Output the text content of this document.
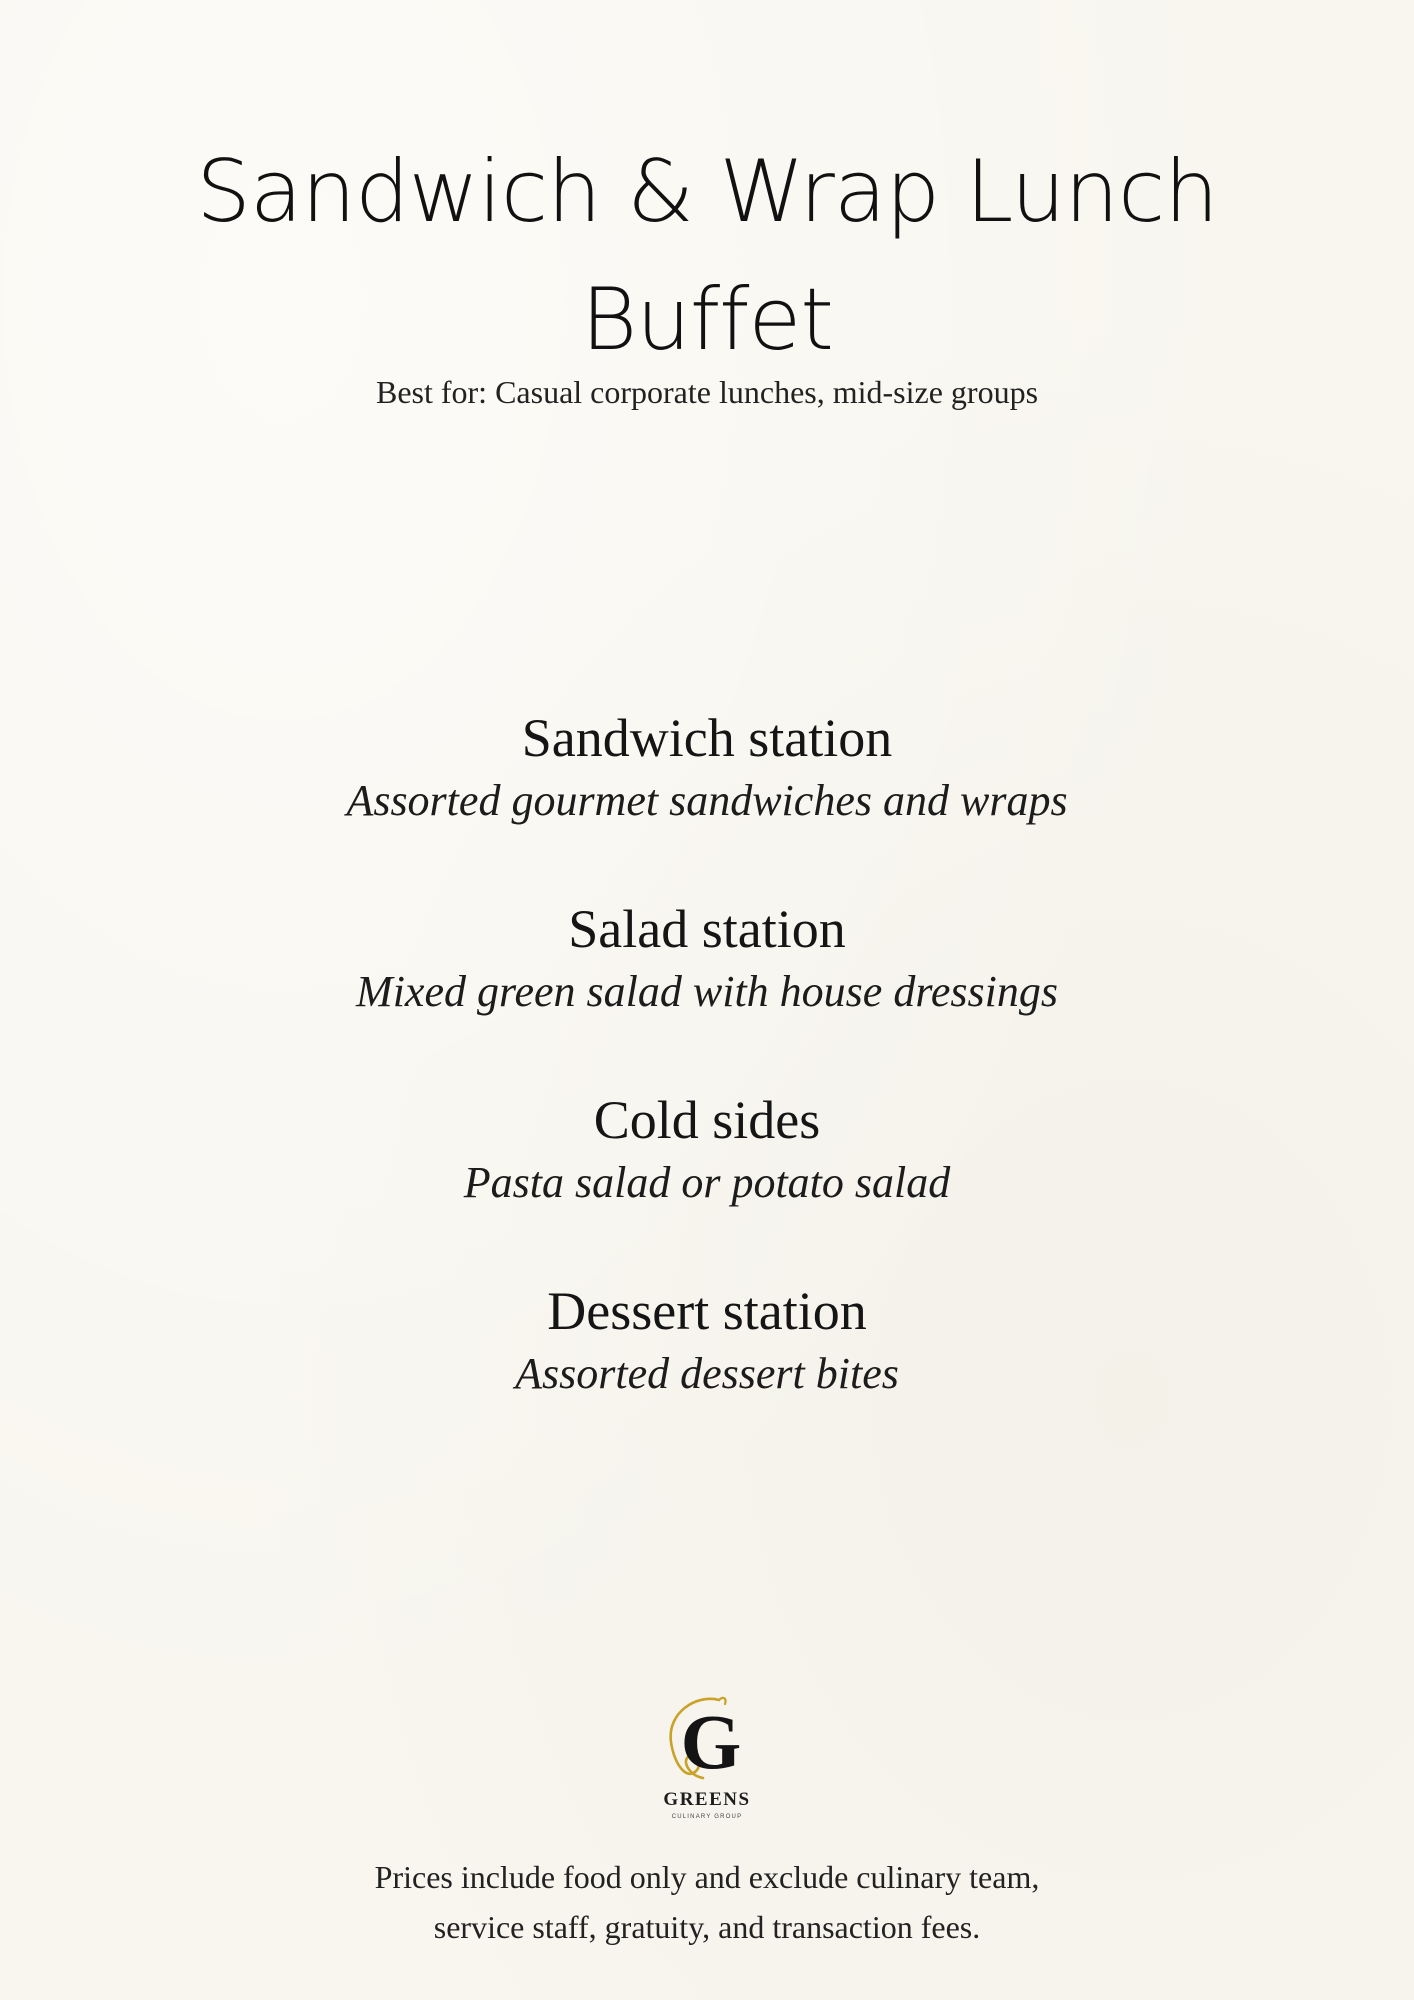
Sandwich & Wrap Lunch
Buffet
Best for: Casual corporate lunches, mid-size groups
Sandwich station
Assorted gourmet sandwiches and wraps
Salad station
Mixed green salad with house dressings
Cold sides
Pasta salad or potato salad
Dessert station
Assorted dessert bites
G
GREENS
CULINARY GROUP
Prices include food only and exclude culinary team,
service staff, gratuity, and transaction fees.
